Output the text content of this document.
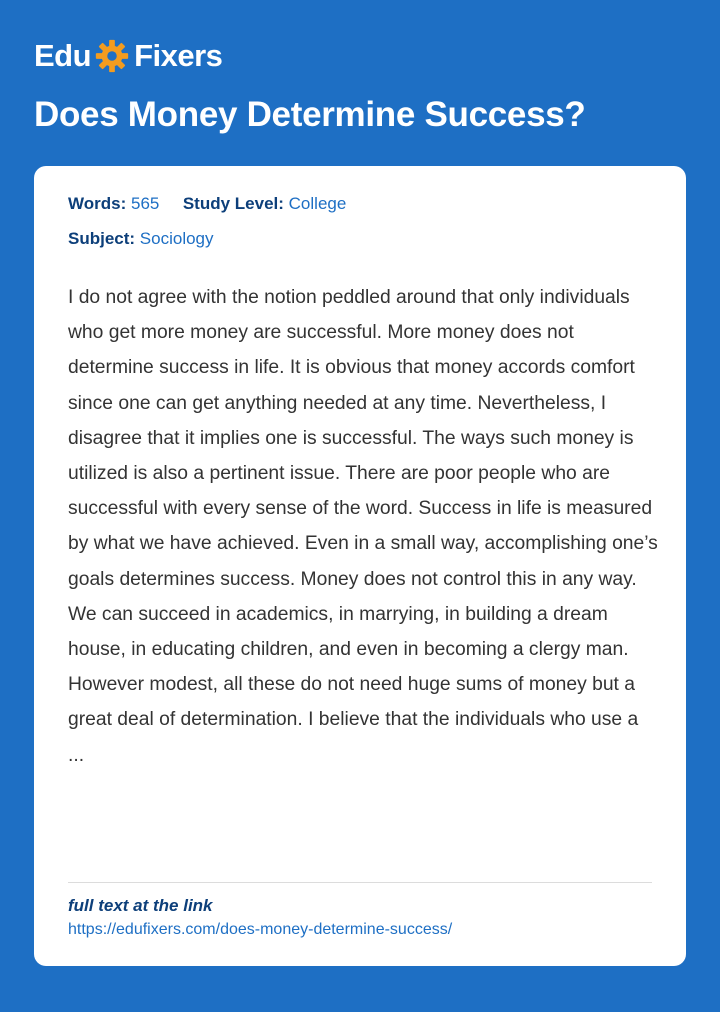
Edu Fixers
Does Money Determine Success?
Words: 565 Study Level: College
Subject: Sociology

I do not agree with the notion peddled around that only individuals who get more money are successful. More money does not determine success in life. It is obvious that money accords comfort since one can get anything needed at any time. Nevertheless, I disagree that it implies one is successful. The ways such money is utilized is also a pertinent issue. There are poor people who are successful with every sense of the word. Success in life is measured by what we have achieved. Even in a small way, accomplishing one’s goals determines success. Money does not control this in any way. We can succeed in academics, in marrying, in building a dream house, in educating children, and even in becoming a clergy man. However modest, all these do not need huge sums of money but a great deal of determination. I believe that the individuals who use a ...

full text at the link
https://edufixers.com/does-money-determine-success/
